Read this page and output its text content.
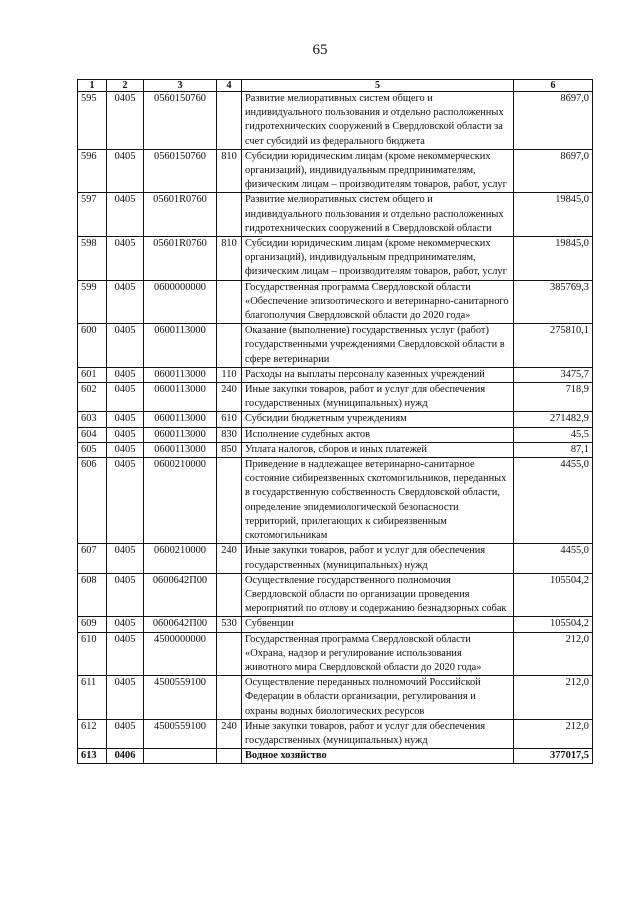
65
1	2	3	4	5	6
595	0405	0560150760		Развитие мелиоративных систем общего и индивидуального пользования и отдельно расположенных гидротехнических сооружений в Свердловской области за счет субсидий из федерального бюджета	8697,0
596	0405	0560150760	810	Субсидии юридическим лицам (кроме некоммерческих организаций), индивидуальным предпринимателям, физическим лицам – производителям товаров, работ, услуг	8697,0
597	0405	05601R0760		Развитие мелиоративных систем общего и индивидуального пользования и отдельно расположенных гидротехнических сооружений в Свердловской области	19845,0
598	0405	05601R0760	810	Субсидии юридическим лицам (кроме некоммерческих организаций), индивидуальным предпринимателям, физическим лицам – производителям товаров, работ, услуг	19845,0
599	0405	0600000000		Государственная программа Свердловской области «Обеспечение эпизоотического и ветеринарно-санитарного благополучия Свердловской области до 2020 года»	385769,3
600	0405	0600113000		Оказание (выполнение) государственных услуг (работ) государственными учреждениями Свердловской области в сфере ветеринарии	275810,1
601	0405	0600113000	110	Расходы на выплаты персоналу казенных учреждений	3475,7
602	0405	0600113000	240	Иные закупки товаров, работ и услуг для обеспечения государственных (муниципальных) нужд	718,9
603	0405	0600113000	610	Субсидии бюджетным учреждениям	271482,9
604	0405	0600113000	830	Исполнение судебных актов	45,5
605	0405	0600113000	850	Уплата налогов, сборов и иных платежей	87,1
606	0405	0600210000		Приведение в надлежащее ветеринарно-санитарное состояние сибиреязвенных скотомогильников, переданных в государственную собственность Свердловской области, определение эпидемиологической безопасности территорий, прилегающих к сибиреязвенным скотомогильникам	4455,0
607	0405	0600210000	240	Иные закупки товаров, работ и услуг для обеспечения государственных (муниципальных) нужд	4455,0
608	0405	0600642П00		Осуществление государственного полномочия Свердловской области по организации проведения мероприятий по отлову и содержанию безнадзорных собак	105504,2
609	0405	0600642П00	530	Субвенции	105504,2
610	0405	4500000000		Государственная программа Свердловской области «Охрана, надзор и регулирование использования животного мира Свердловской области до 2020 года»	212,0
611	0405	4500559100		Осуществление переданных полномочий Российской Федерации в области организации, регулирования и охраны водных биологических ресурсов	212,0
612	0405	4500559100	240	Иные закупки товаров, работ и услуг для обеспечения государственных (муниципальных) нужд	212,0
613	0406			Водное хозяйство	377017,5
